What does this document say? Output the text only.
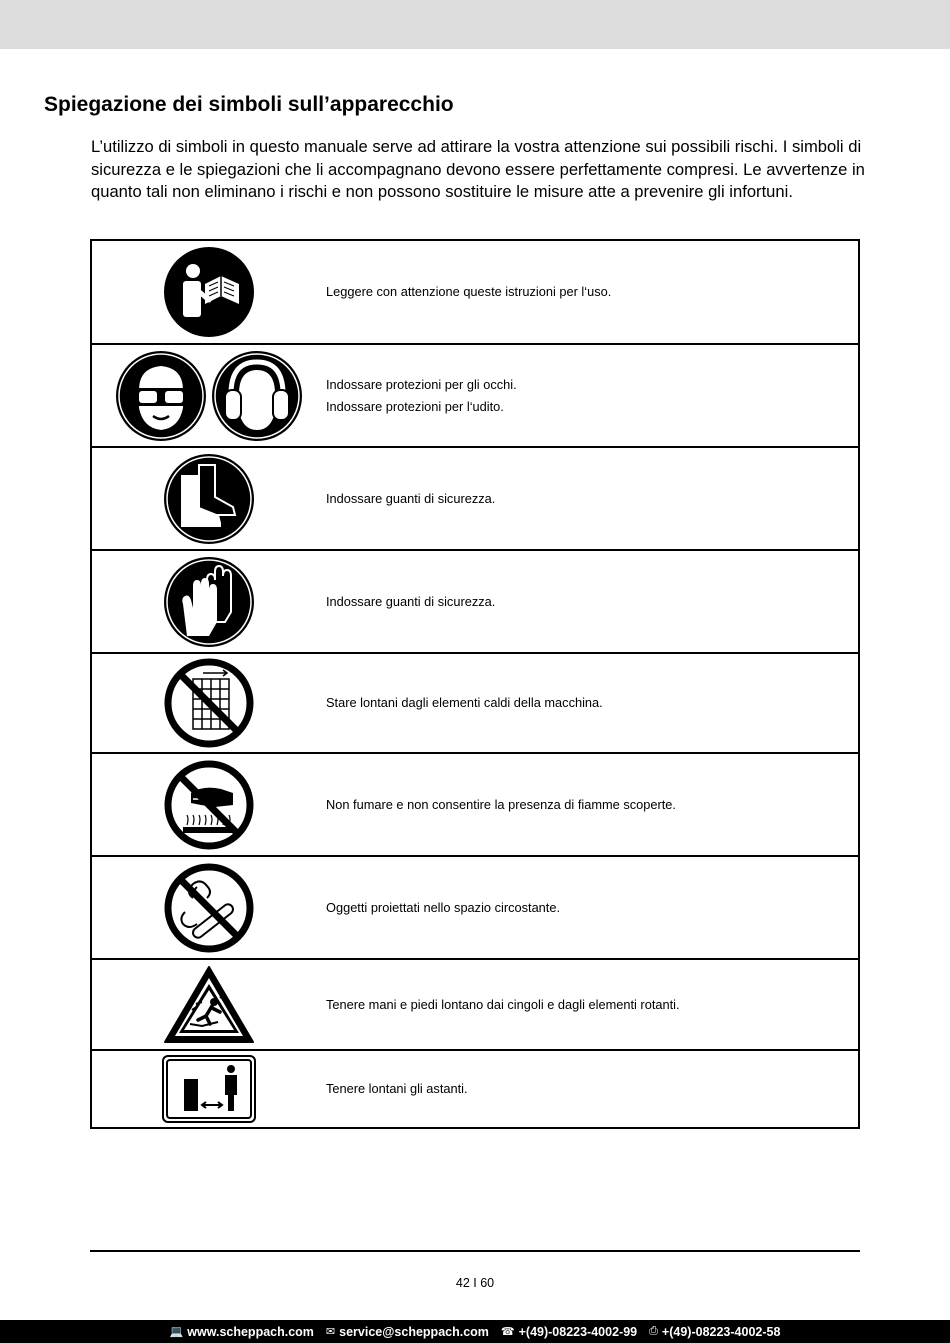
Spiegazione dei simboli sull’apparecchio

L’utilizzo di simboli in questo manuale serve ad attirare la vostra attenzione sui possibili rischi. I simboli di sicurezza e le spiegazioni che li accompagnano devono essere perfettamente compresi. Le avvertenze in quanto tali non eliminano i rischi e non possono sostituire le misure atte a prevenire gli infortuni.

Leggere con attenzione queste istruzioni per l‘uso.
Indossare protezioni per gli occhi.
Indossare protezioni per l‘udito.
Indossare guanti di sicurezza.
Indossare guanti di sicurezza.
Stare lontani dagli elementi caldi della macchina.
Non fumare e non consentire la presenza di fiamme scoperte.
Oggetti proiettati nello spazio circostante.
Tenere mani e piedi lontano dai cingoli e dagli elementi rotanti.
Tenere lontani gli astanti.
42 I 60
💻 www.scheppach.com ✉ service@scheppach.com ☎ +(49)-08223-4002-99 ⎙ +(49)-08223-4002-58
